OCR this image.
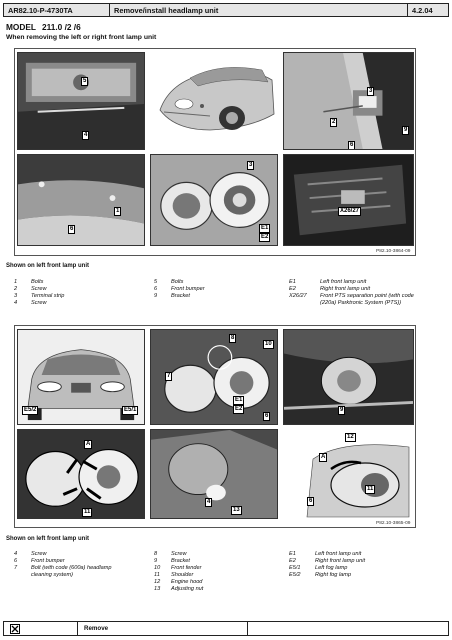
AR82.10-P-4730TA	Remove/install headlamp unit	4.2.04
MODEL 211.0 /2 /6
When removing the left or right front lamp unit
5
4
3
2
9
6
1
6
3
E1
E2
X26/27
P82.10-3864-09
Shown on left front lamp unit
1	Bolts
2	Screw
3	Terminal strip
4	Screw
5	Bolts
6	Front bumper
9	Bracket
E1	Left front lamp unit
E2	Right front lamp unit
X26/27	Front PTS separation point (with code (220a) Parktronic System (PTS))
E5/2	E5/1
8
10
7
E1
E2
6
9
A
11
4
13
12
A
11
6
P82.10-3865-09
Shown on left front lamp unit
4	Screw
6	Front bumper
7	Bolt (with code (600a) headlamp cleaning system)
8	Screw
9	Bracket
10	Front fender
11	Shoulder
12	Engine hood
13	Adjusting nut
E1	Left front lamp unit
E2	Right front lamp unit
E5/1	Left fog lamp
E5/2	Right fog lamp
Remove
